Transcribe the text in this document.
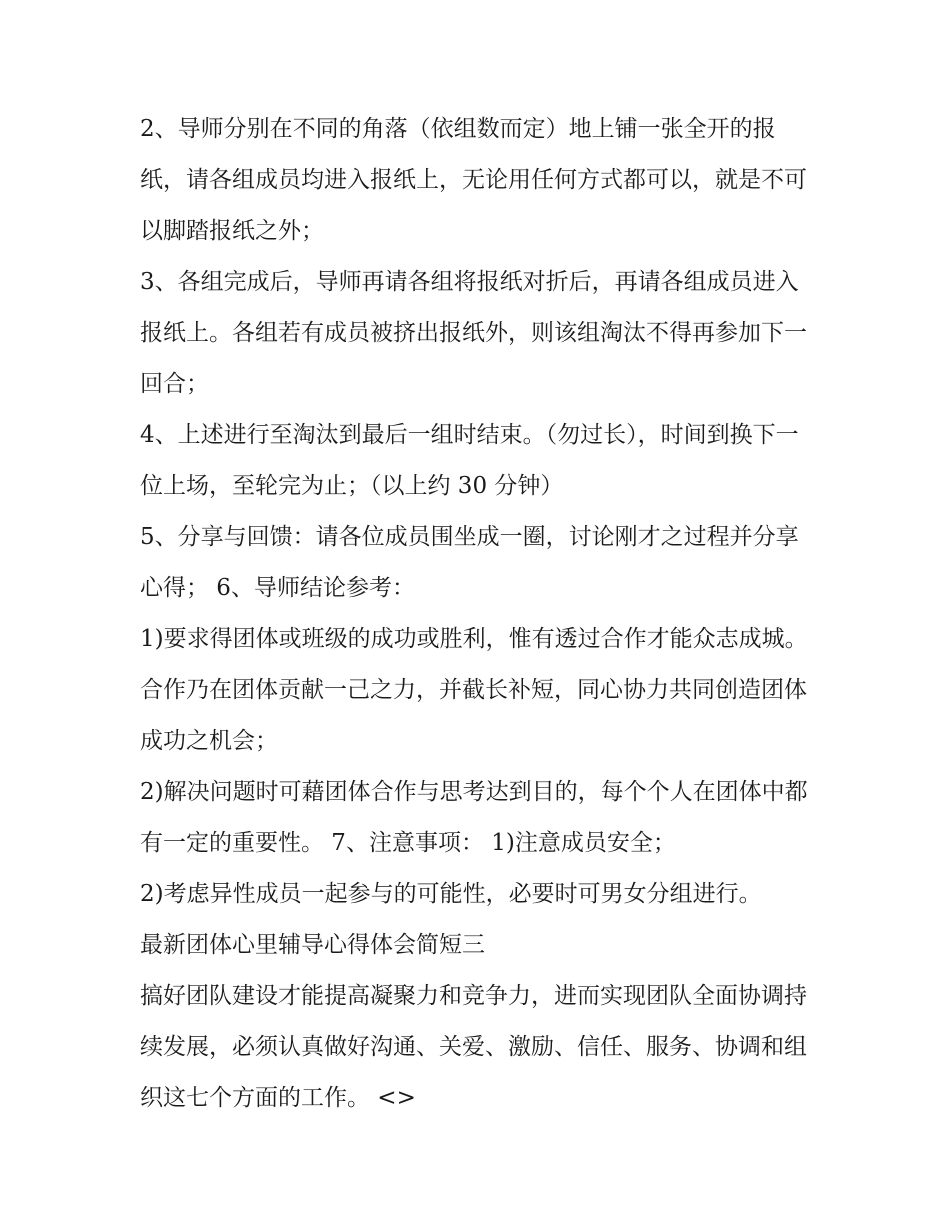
2、导师分别在不同的角落（依组数而定）地上铺一张全开的报纸，请各组成员均进入报纸上，无论用任何方式都可以，就是不可以脚踏报纸之外；

3、各组完成后，导师再请各组将报纸对折后，再请各组成员进入报纸上。各组若有成员被挤出报纸外，则该组淘汰不得再参加下一回合；

4、上述进行至淘汰到最后一组时结束。（勿过长），时间到换下一位上场，至轮完为止；（以上约 30 分钟）

5、分享与回馈：请各位成员围坐成一圈，讨论刚才之过程并分享心得； 6、导师结论参考：

1)要求得团体或班级的成功或胜利，惟有透过合作才能众志成城。合作乃在团体贡献一己之力，并截长补短，同心协力共同创造团体成功之机会；

2)解决问题时可藉团体合作与思考达到目的，每个个人在团体中都有一定的重要性。 7、注意事项： 1)注意成员安全；

2)考虑异性成员一起参与的可能性，必要时可男女分组进行。

最新团体心里辅导心得体会简短三

搞好团队建设才能提高凝聚力和竞争力，进而实现团队全面协调持续发展，必须认真做好沟通、关爱、激励、信任、服务、协调和组织这七个方面的工作。 <>
